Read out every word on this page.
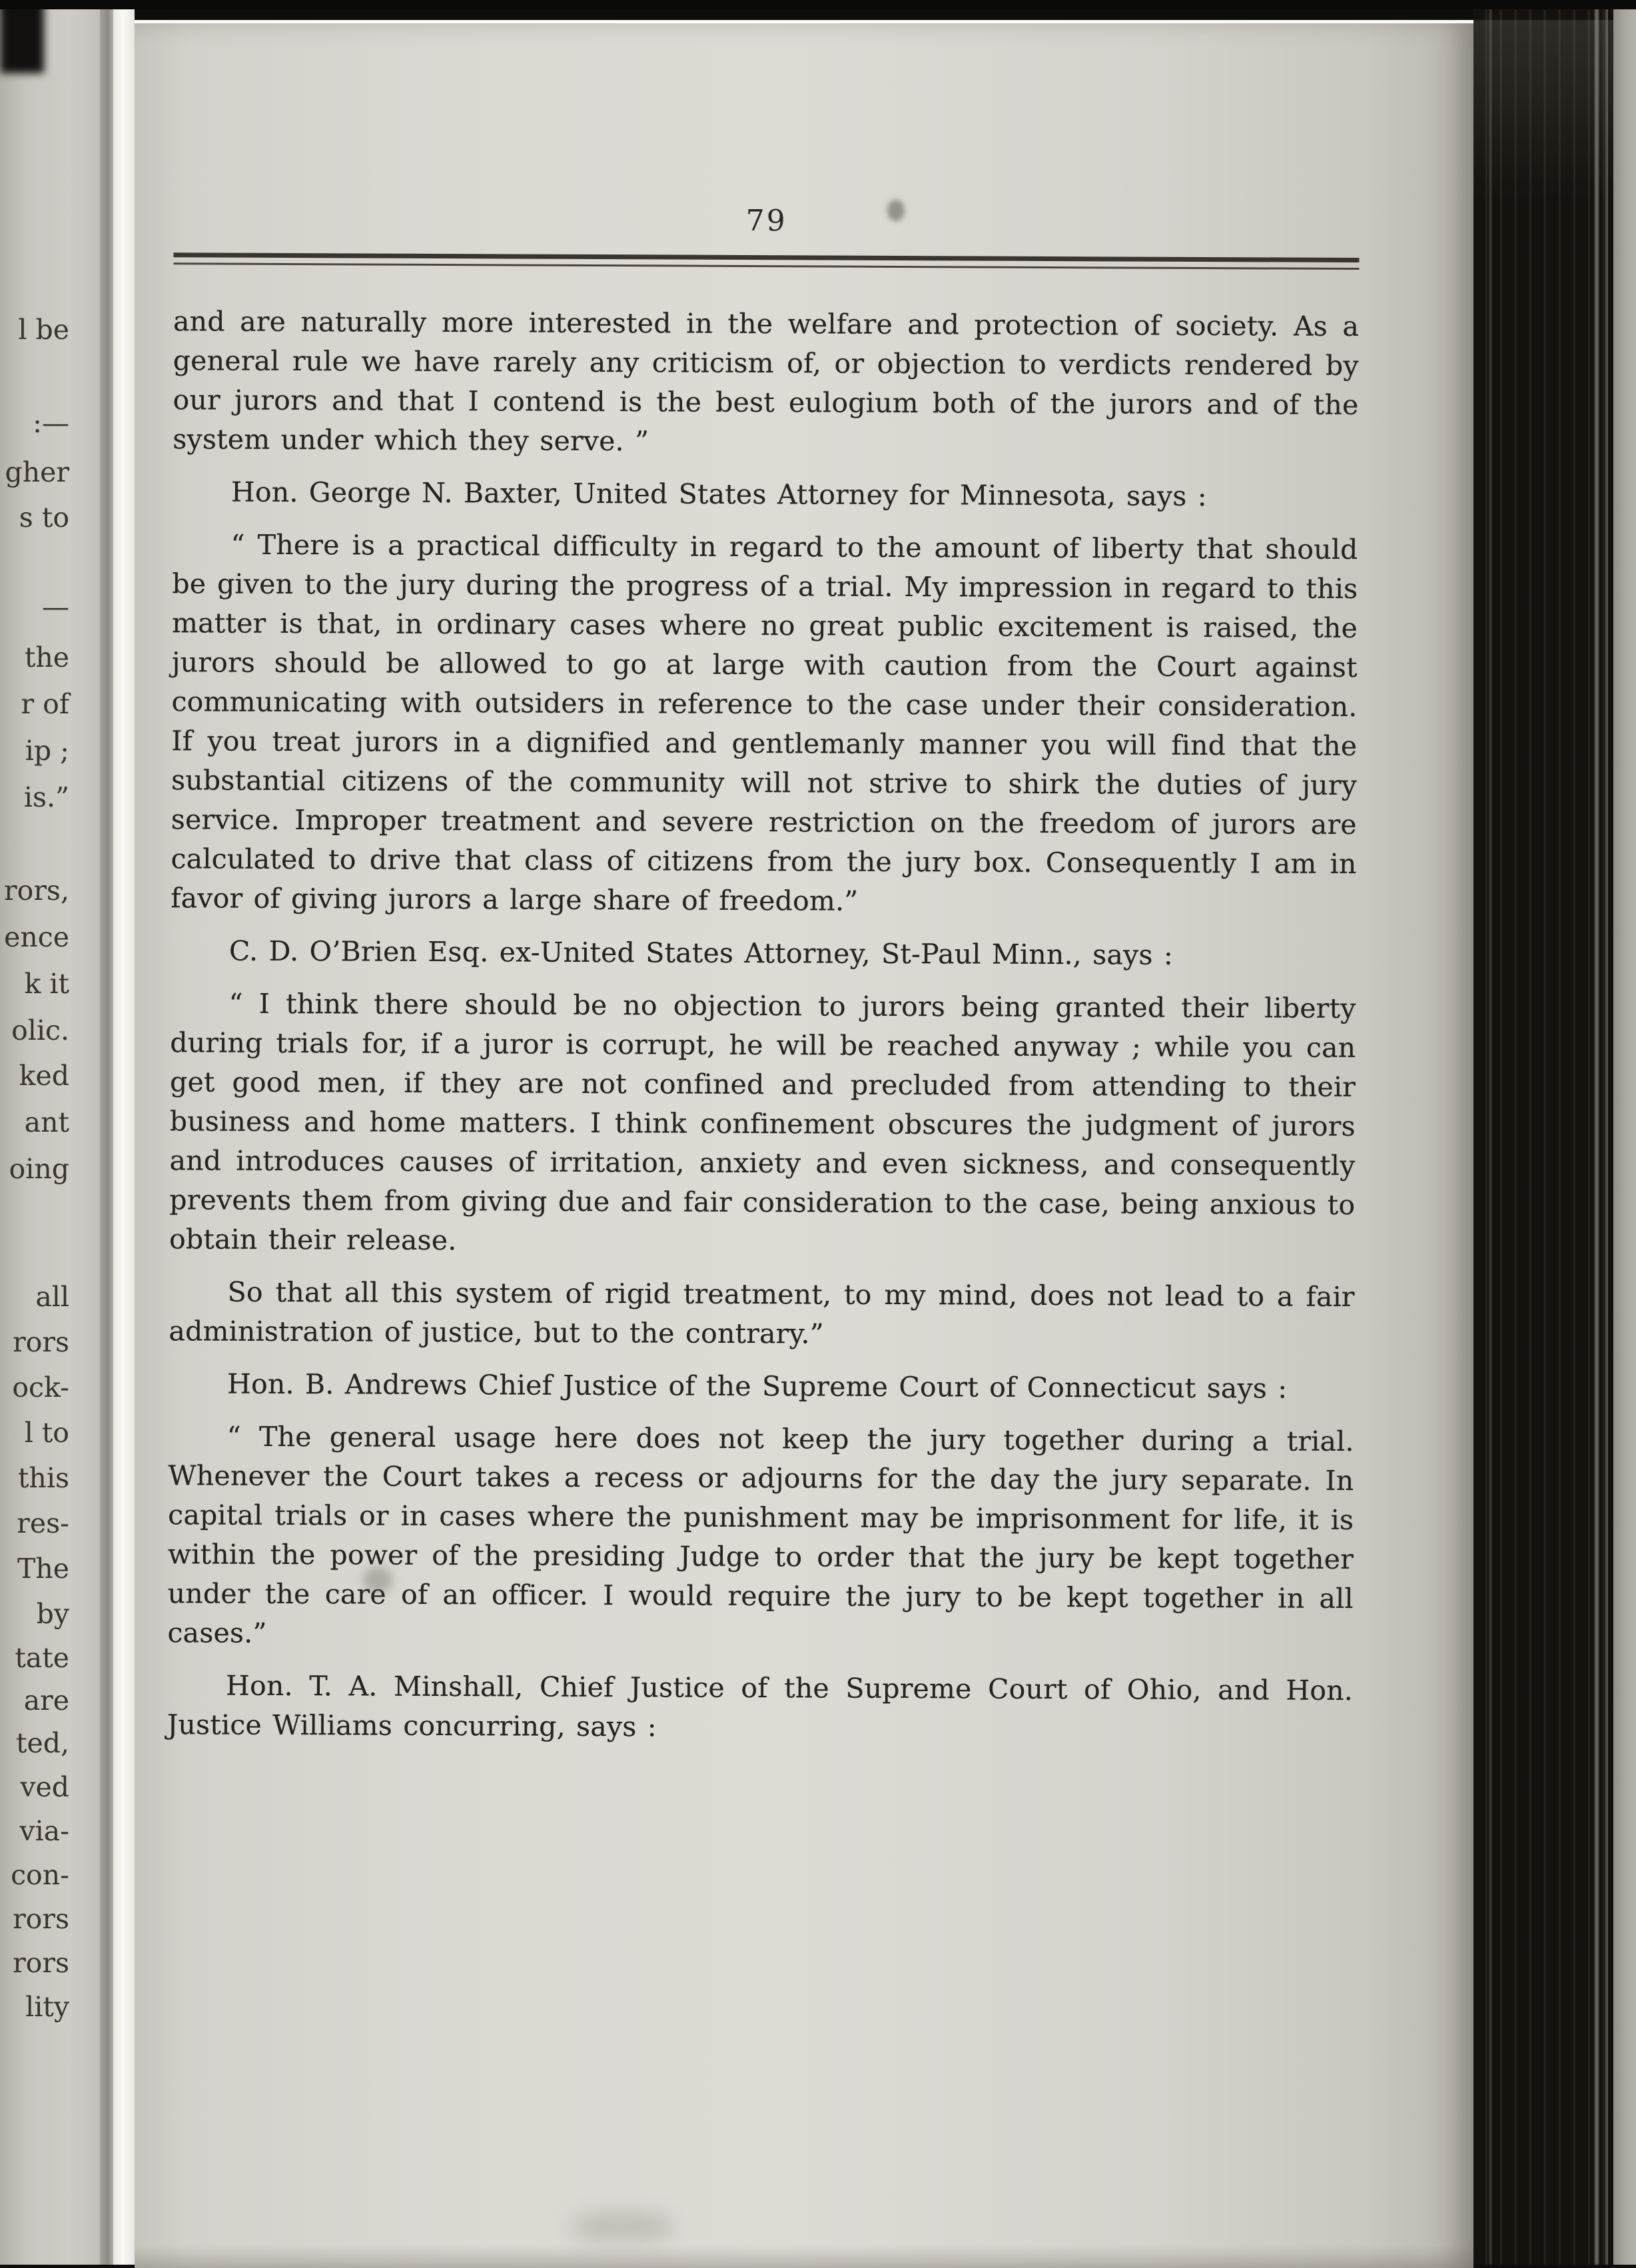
l be
:—
gher
s to
—
the
r of
ip ;
is.”
rors,
ence
k it
olic.
ked
ant
oing
all
rors
ock-
l to
this
res-
The
by
tate
are
ted,
ved
via-
con-
rors
rors
lity
79

and are naturally more interested in the welfare and protection of society. As a general rule we have rarely any criticism of, or objection to verdicts rendered by our jurors and that I contend is the best eulogium both of the jurors and of the system under which they serve. ”

Hon. George N. Baxter, United States Attorney for Minnesota, says :

“ There is a practical difficulty in regard to the amount of liberty that should be given to the jury during the progress of a trial. My impression in regard to this matter is that, in ordinary cases where no great public excitement is raised, the jurors should be allowed to go at large with caution from the Court against communicating with outsiders in reference to the case under their consideration. If you treat jurors in a dignified and gentlemanly manner you will find that the substantial citizens of the community will not strive to shirk the duties of jury service. Improper treatment and severe restriction on the freedom of jurors are calculated to drive that class of citizens from the jury box. Consequently I am in favor of giving jurors a large share of freedom.”

C. D. O’Brien Esq. ex-United States Attorney, St-Paul Minn., says :

“ I think there should be no objection to jurors being granted their liberty during trials for, if a juror is corrupt, he will be reached anyway ; while you can get good men, if they are not confined and precluded from attending to their business and home matters. I think confinement obscures the judgment of jurors and introduces causes of irritation, anxiety and even sickness, and consequently prevents them from giving due and fair consideration to the case, being anxious to obtain their release.

So that all this system of rigid treatment, to my mind, does not lead to a fair administration of justice, but to the contrary.”

Hon. B. Andrews Chief Justice of the Supreme Court of Connecticut says :

“ The general usage here does not keep the jury together during a trial. Whenever the Court takes a recess or adjourns for the day the jury separate. In capital trials or in cases where the punishment may be imprisonment for life, it is within the power of the presiding Judge to order that the jury be kept together under the care of an officer. I would require the jury to be kept together in all cases.”

Hon. T. A. Minshall, Chief Justice of the Supreme Court of Ohio, and Hon. Justice Williams concurring, says :
